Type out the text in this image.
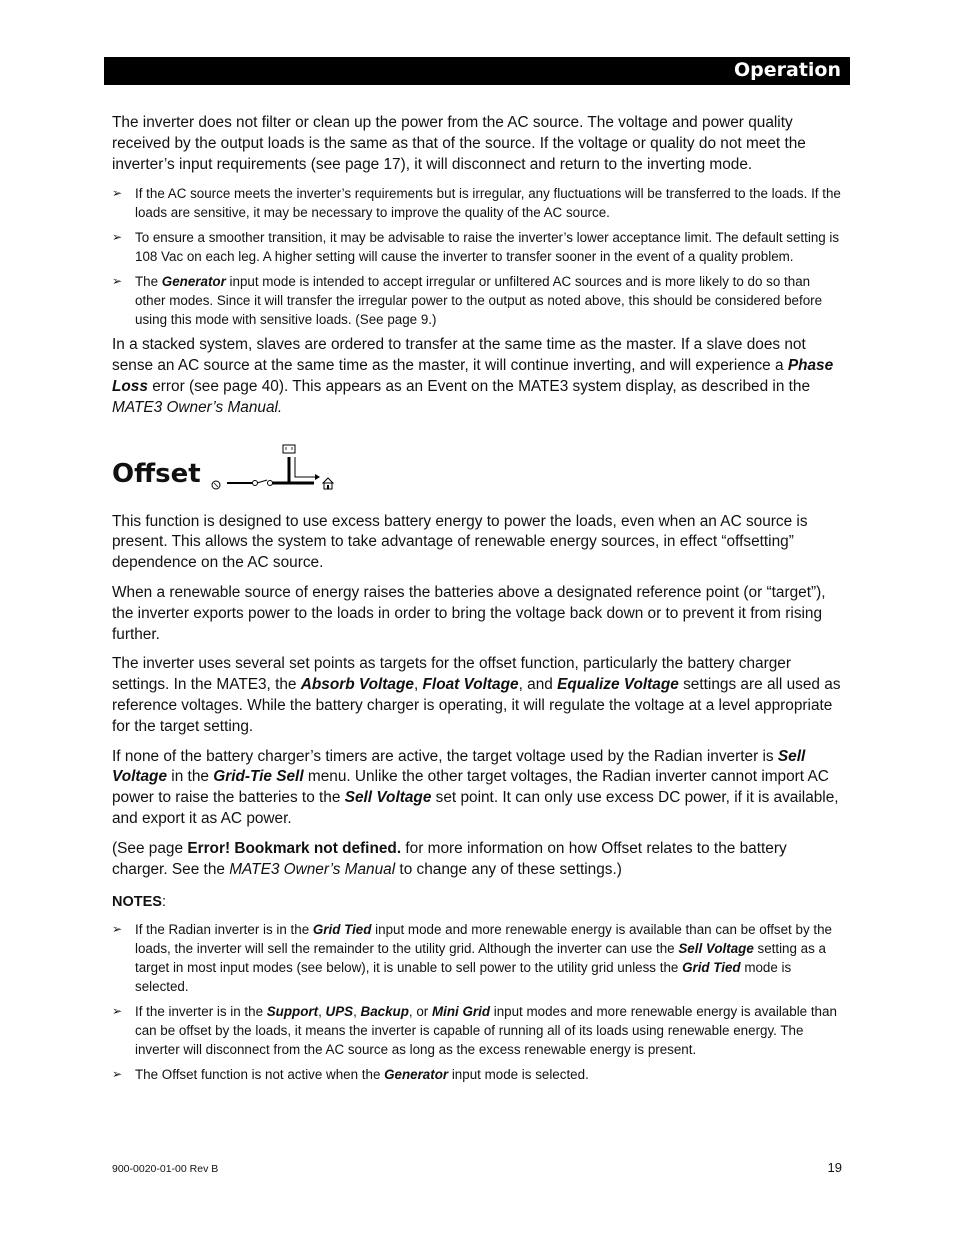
Operation

The inverter does not filter or clean up the power from the AC source. The voltage and power quality received by the output loads is the same as that of the source. If the voltage or quality do not meet the inverter’s input requirements (see page 17), it will disconnect and return to the inverting mode.

➢ If the AC source meets the inverter’s requirements but is irregular, any fluctuations will be transferred to the loads. If the loads are sensitive, it may be necessary to improve the quality of the AC source.
➢ To ensure a smoother transition, it may be advisable to raise the inverter’s lower acceptance limit. The default setting is 108 Vac on each leg. A higher setting will cause the inverter to transfer sooner in the event of a quality problem.
➢ The Generator input mode is intended to accept irregular or unfiltered AC sources and is more likely to do so than other modes. Since it will transfer the irregular power to the output as noted above, this should be considered before using this mode with sensitive loads. (See page 9.)

In a stacked system, slaves are ordered to transfer at the same time as the master. If a slave does not sense an AC source at the same time as the master, it will continue inverting, and will experience a Phase Loss error (see page 40). This appears as an Event on the MATE3 system display, as described in the MATE3 Owner’s Manual.

Offset

This function is designed to use excess battery energy to power the loads, even when an AC source is present. This allows the system to take advantage of renewable energy sources, in effect “offsetting” dependence on the AC source.

When a renewable source of energy raises the batteries above a designated reference point (or “target”), the inverter exports power to the loads in order to bring the voltage back down or to prevent it from rising further.

The inverter uses several set points as targets for the offset function, particularly the battery charger settings. In the MATE3, the Absorb Voltage, Float Voltage, and Equalize Voltage settings are all used as reference voltages. While the battery charger is operating, it will regulate the voltage at a level appropriate for the target setting.

If none of the battery charger’s timers are active, the target voltage used by the Radian inverter is Sell Voltage in the Grid-Tie Sell menu. Unlike the other target voltages, the Radian inverter cannot import AC power to raise the batteries to the Sell Voltage set point. It can only use excess DC power, if it is available, and export it as AC power.

(See page Error! Bookmark not defined. for more information on how Offset relates to the battery charger. See the MATE3 Owner’s Manual to change any of these settings.)

NOTES:
➢ If the Radian inverter is in the Grid Tied input mode and more renewable energy is available than can be offset by the loads, the inverter will sell the remainder to the utility grid. Although the inverter can use the Sell Voltage setting as a target in most input modes (see below), it is unable to sell power to the utility grid unless the Grid Tied mode is selected.
➢ If the inverter is in the Support, UPS, Backup, or Mini Grid input modes and more renewable energy is available than can be offset by the loads, it means the inverter is capable of running all of its loads using renewable energy. The inverter will disconnect from the AC source as long as the excess renewable energy is present.
➢ The Offset function is not active when the Generator input mode is selected.
900-0020-01-00 Rev B	19
